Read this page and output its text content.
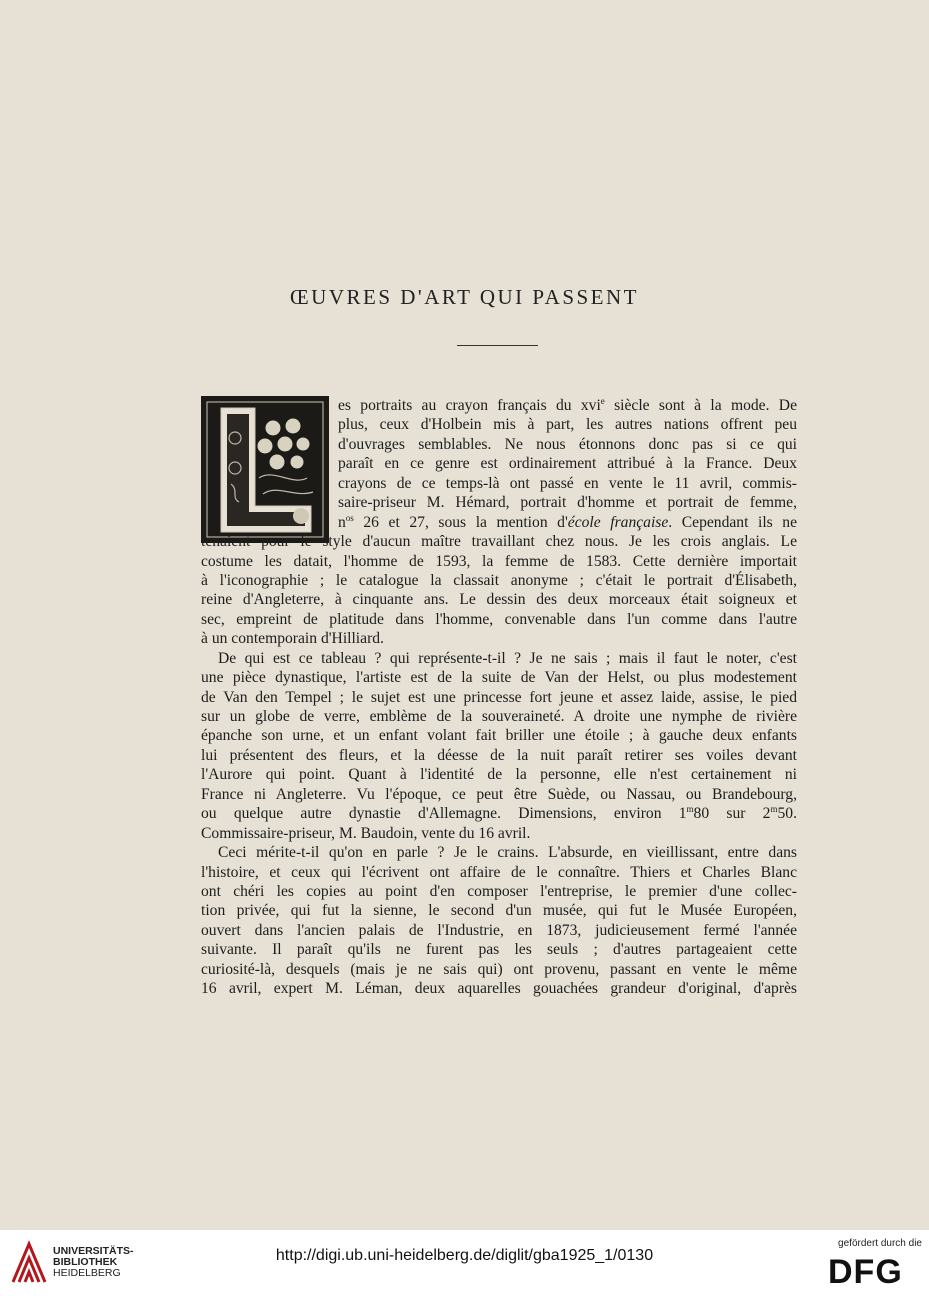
ŒUVRES D'ART QUI PASSENT
es portraits au crayon français du xvi$^e$ siècle sont à la mode. De
plus, ceux d'Holbein mis à part, les autres nations offrent peu
d'ouvrages semblables. Ne nous étonnons donc pas si ce qui
paraît en ce genre est ordinairement attribué à la France. Deux
crayons de ce temps-là ont passé en vente le 11 avril, commis-
saire-priseur M. Hémard, portrait d'homme et portrait de femme,
$n^{os}$ 26 et 27, sous la mention d'école française. Cependant ils ne
tenaient pour le style d'aucun maître travaillant chez nous. Je les crois anglais. Le
costume les datait, l'homme de 1593, la femme de 1583. Cette dernière importait
à l'iconographie ; le catalogue la classait anonyme ; c'était le portrait d'Élisabeth,
reine d'Angleterre, à cinquante ans. Le dessin des deux morceaux était soigneux et
sec, empreint de platitude dans l'homme, convenable dans l'un comme dans l'autre
à un contemporain d'Hilliard.
De qui est ce tableau ? qui représente-t-il ? Je ne sais ; mais il faut le noter, c'est
une pièce dynastique, l'artiste est de la suite de Van der Helst, ou plus modestement
de Van den Tempel ; le sujet est une princesse fort jeune et assez laide, assise, le pied
sur un globe de verre, emblème de la souveraineté. A droite une nymphe de rivière
épanche son urne, et un enfant volant fait briller une étoile ; à gauche deux enfants
lui présentent des fleurs, et la déesse de la nuit paraît retirer ses voiles devant
l'Aurore qui point. Quant à l'identité de la personne, elle n'est certainement ni
France ni Angleterre. Vu l'époque, ce peut être Suède, ou Nassau, ou Brandebourg,
ou quelque autre dynastie d'Allemagne. Dimensions, environ 1$^m$80 sur 2$^m$50.
Commissaire-priseur, M. Baudoin, vente du 16 avril.
Ceci mérite-t-il qu'on en parle ? Je le crains. L'absurde, en vieillissant, entre dans
l'histoire, et ceux qui l'écrivent ont affaire de le connaître. Thiers et Charles Blanc
ont chéri les copies au point d'en composer l'entreprise, le premier d'une collec-
tion privée, qui fut la sienne, le second d'un musée, qui fut le Musée Européen,
ouvert dans l'ancien palais de l'Industrie, en 1873, judicieusement fermé l'année
suivante. Il paraît qu'ils ne furent pas les seuls ; d'autres partageaient cette
curiosité-là, desquels (mais je ne sais qui) ont provenu, passant en vente le même
16 avril, expert M. Léman, deux aquarelles gouachées grandeur d'original, d'après
UNIVERSITÄTS-
BIBLIOTHEK
HEIDELBERG
http://digi.ub.uni-heidelberg.de/diglit/gba1925_1/0130
gefördert durch die
DFG
